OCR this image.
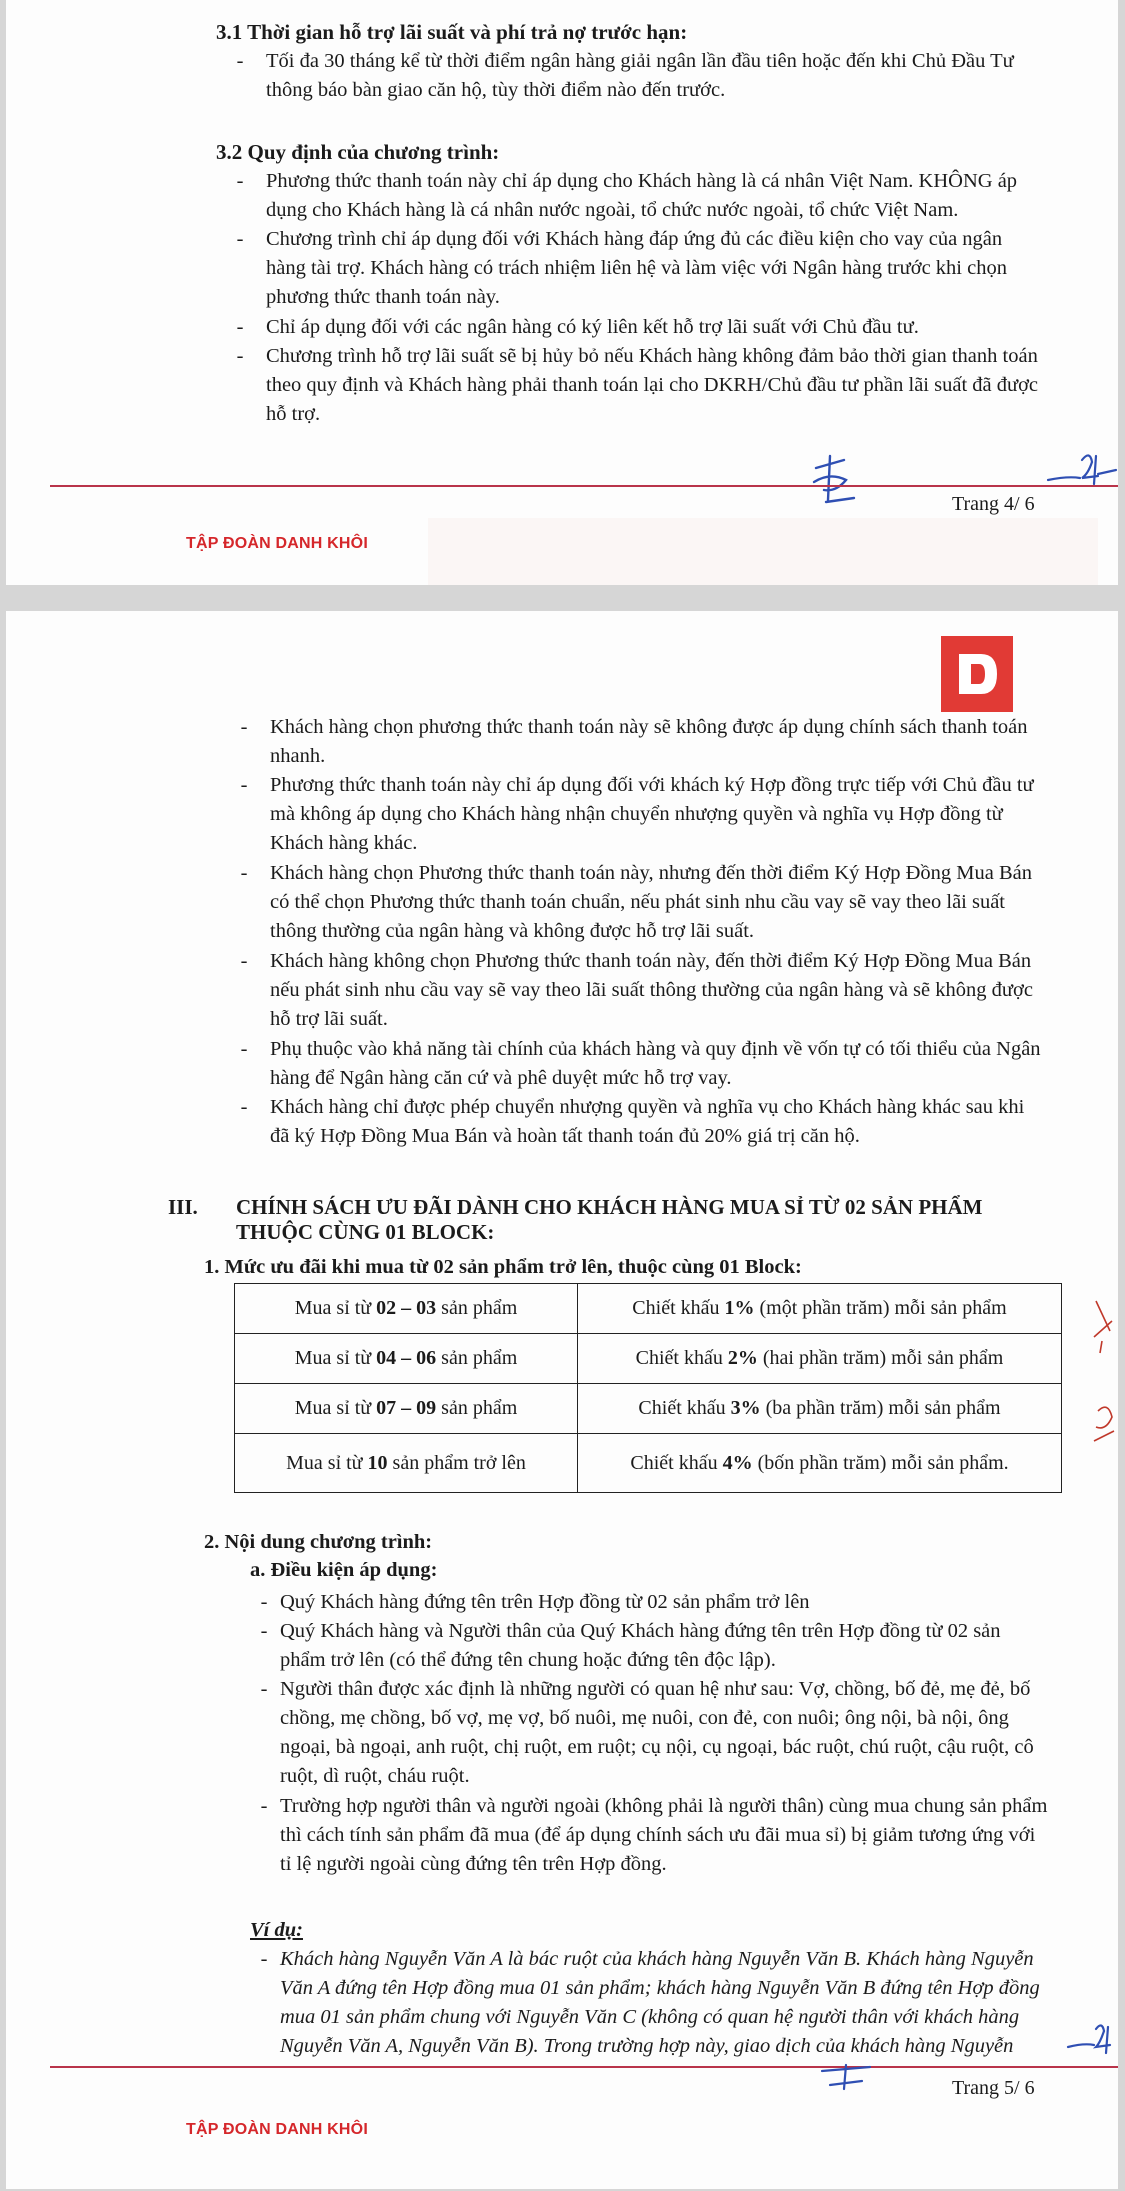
3.1 Thời gian hỗ trợ lãi suất và phí trả nợ trước hạn:
-	Tối đa 30 tháng kể từ thời điểm ngân hàng giải ngân lần đầu tiên hoặc đến khi Chủ Đầu Tư
thông báo bàn giao căn hộ, tùy thời điểm nào đến trước.
3.2 Quy định của chương trình:
-	Phương thức thanh toán này chỉ áp dụng cho Khách hàng là cá nhân Việt Nam. KHÔNG áp
dụng cho Khách hàng là cá nhân nước ngoài, tổ chức nước ngoài, tổ chức Việt Nam.
-	Chương trình chỉ áp dụng đối với Khách hàng đáp ứng đủ các điều kiện cho vay của ngân
hàng tài trợ. Khách hàng có trách nhiệm liên hệ và làm việc với Ngân hàng trước khi chọn
phương thức thanh toán này.
-	Chỉ áp dụng đối với các ngân hàng có ký liên kết hỗ trợ lãi suất với Chủ đầu tư.
-	Chương trình hỗ trợ lãi suất sẽ bị hủy bỏ nếu Khách hàng không đảm bảo thời gian thanh toán
theo quy định và Khách hàng phải thanh toán lại cho DKRH/Chủ đầu tư phần lãi suất đã được
hỗ trợ.
Trang 4/ 6
TẬP ĐOÀN DANH KHÔI
-	Khách hàng chọn phương thức thanh toán này sẽ không được áp dụng chính sách thanh toán
nhanh.
-	Phương thức thanh toán này chỉ áp dụng đối với khách ký Hợp đồng trực tiếp với Chủ đầu tư
mà không áp dụng cho Khách hàng nhận chuyển nhượng quyền và nghĩa vụ Hợp đồng từ
Khách hàng khác.
-	Khách hàng chọn Phương thức thanh toán này, nhưng đến thời điểm Ký Hợp Đồng Mua Bán
có thể chọn Phương thức thanh toán chuẩn, nếu phát sinh nhu cầu vay sẽ vay theo lãi suất
thông thường của ngân hàng và không được hỗ trợ lãi suất.
-	Khách hàng không chọn Phương thức thanh toán này, đến thời điểm Ký Hợp Đồng Mua Bán
nếu phát sinh nhu cầu vay sẽ vay theo lãi suất thông thường của ngân hàng và sẽ không được
hỗ trợ lãi suất.
-	Phụ thuộc vào khả năng tài chính của khách hàng và quy định về vốn tự có tối thiểu của Ngân
hàng để Ngân hàng căn cứ và phê duyệt mức hỗ trợ vay.
-	Khách hàng chỉ được phép chuyển nhượng quyền và nghĩa vụ cho Khách hàng khác sau khi
đã ký Hợp Đồng Mua Bán và hoàn tất thanh toán đủ 20% giá trị căn hộ.
III. CHÍNH SÁCH ƯU ĐÃI DÀNH CHO KHÁCH HÀNG MUA SỈ TỪ 02 SẢN PHẨM
THUỘC CÙNG 01 BLOCK:
1. Mức ưu đãi khi mua từ 02 sản phẩm trở lên, thuộc cùng 01 Block:
Mua sỉ từ 02 – 03 sản phẩm	Chiết khấu 1% (một phần trăm) mỗi sản phẩm
Mua sỉ từ 04 – 06 sản phẩm	Chiết khấu 2% (hai phần trăm) mỗi sản phẩm
Mua sỉ từ 07 – 09 sản phẩm	Chiết khấu 3% (ba phần trăm) mỗi sản phẩm
Mua sỉ từ 10 sản phẩm trở lên	Chiết khấu 4% (bốn phần trăm) mỗi sản phẩm.
2. Nội dung chương trình:
a. Điều kiện áp dụng:
- Quý Khách hàng đứng tên trên Hợp đồng từ 02 sản phẩm trở lên
- Quý Khách hàng và Người thân của Quý Khách hàng đứng tên trên Hợp đồng từ 02 sản
phẩm trở lên (có thể đứng tên chung hoặc đứng tên độc lập).
- Người thân được xác định là những người có quan hệ như sau: Vợ, chồng, bố đẻ, mẹ đẻ, bố
chồng, mẹ chồng, bố vợ, mẹ vợ, bố nuôi, mẹ nuôi, con đẻ, con nuôi; ông nội, bà nội, ông
ngoại, bà ngoại, anh ruột, chị ruột, em ruột; cụ nội, cụ ngoại, bác ruột, chú ruột, cậu ruột, cô
ruột, dì ruột, cháu ruột.
- Trường hợp người thân và người ngoài (không phải là người thân) cùng mua chung sản phẩm
thì cách tính sản phẩm đã mua (để áp dụng chính sách ưu đãi mua sỉ) bị giảm tương ứng với
tỉ lệ người ngoài cùng đứng tên trên Hợp đồng.
Ví dụ:
- Khách hàng Nguyễn Văn A là bác ruột của khách hàng Nguyễn Văn B. Khách hàng Nguyễn
Văn A đứng tên Hợp đồng mua 01 sản phẩm; khách hàng Nguyễn Văn B đứng tên Hợp đồng
mua 01 sản phẩm chung với Nguyễn Văn C (không có quan hệ người thân với khách hàng
Nguyễn Văn A, Nguyễn Văn B). Trong trường hợp này, giao dịch của khách hàng Nguyễn
Trang 5/ 6
TẬP ĐOÀN DANH KHÔI
